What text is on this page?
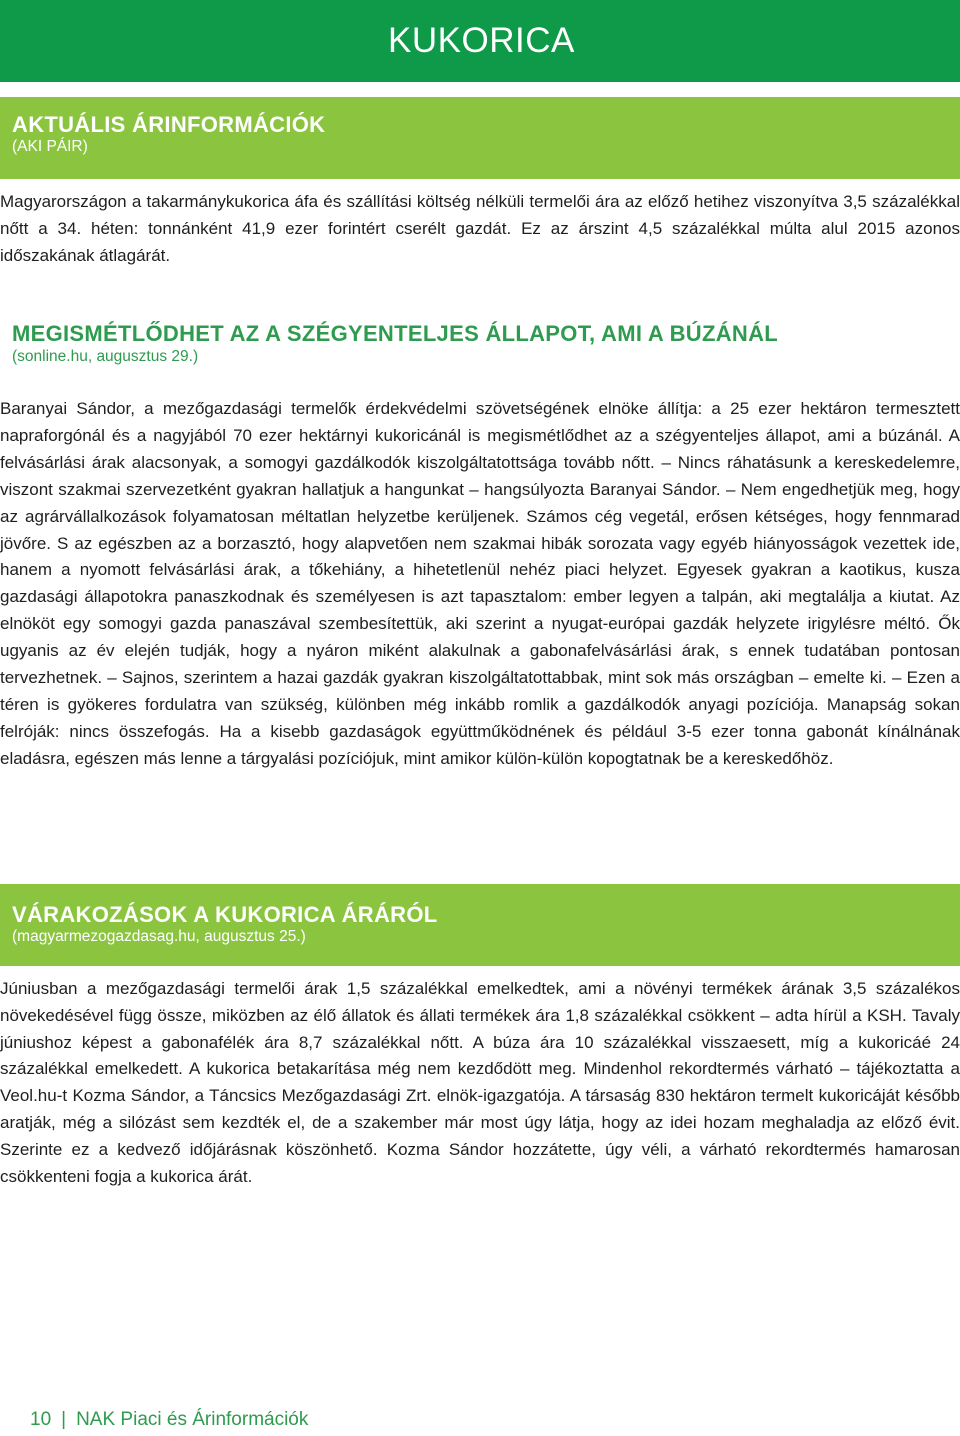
KUKORICA
AKTUÁLIS ÁRINFORMÁCIÓK
(AKI PÁIR)

Magyarországon a takarmánykukorica áfa és szállítási költség nélküli termelői ára az előző hetihez viszonyítva 3,5 százalékkal nőtt a 34. héten: tonnánként 41,9 ezer forintért cserélt gazdát. Ez az árszint 4,5 százalékkal múlta alul 2015 azonos időszakának átlagárát.

MEGISMÉTLŐDHET AZ A SZÉGYENTELJES ÁLLAPOT, AMI A BÚZÁNÁL
(sonline.hu, augusztus 29.)

Baranyai Sándor, a mezőgazdasági termelők érdekvédelmi szövetségének elnöke állítja: a 25 ezer hektáron termesztett napraforgónál és a nagyjából 70 ezer hektárnyi kukoricánál is megismétlődhet az a szégyenteljes állapot, ami a búzánál. A felvásárlási árak alacsonyak, a somogyi gazdálkodók kiszolgáltatottsága tovább nőtt. – Nincs ráhatásunk a kereskedelemre, viszont szakmai szervezetként gyakran hallatjuk a hangunkat – hangsúlyozta Baranyai Sándor. – Nem engedhetjük meg, hogy az agrárvállalkozások folyamatosan méltatlan helyzetbe kerüljenek. Számos cég vegetál, erősen kétséges, hogy fennmarad jövőre. S az egészben az a borzasztó, hogy alapvetően nem szakmai hibák sorozata vagy egyéb hiányosságok vezettek ide, hanem a nyomott felvásárlási árak, a tőkehiány, a hihetetlenül nehéz piaci helyzet. Egyesek gyakran a kaotikus, kusza gazdasági állapotokra panaszkodnak és személyesen is azt tapasztalom: ember legyen a talpán, aki megtalálja a kiutat. Az elnököt egy somogyi gazda panaszával szembesítettük, aki szerint a nyugat-európai gazdák helyzete irigylésre méltó. Ők ugyanis az év elején tudják, hogy a nyáron miként alakulnak a gabonafelvásárlási árak, s ennek tudatában pontosan tervezhetnek. – Sajnos, szerintem a hazai gazdák gyakran kiszolgáltatottabbak, mint sok más országban – emelte ki. – Ezen a téren is gyökeres fordulatra van szükség, különben még inkább romlik a gazdálkodók anyagi pozíciója. Manapság sokan felróják: nincs összefogás. Ha a kisebb gazdaságok együttműködnének és például 3-5 ezer tonna gabonát kínálnának eladásra, egészen más lenne a tárgyalási pozíciójuk, mint amikor külön-külön kopogtatnak be a kereskedőhöz.

VÁRAKOZÁSOK A KUKORICA ÁRÁRÓL
(magyarmezogazdasag.hu, augusztus 25.)

Júniusban a mezőgazdasági termelői árak 1,5 százalékkal emelkedtek, ami a növényi termékek árának 3,5 százalékos növekedésével függ össze, miközben az élő állatok és állati termékek ára 1,8 százalékkal csökkent – adta hírül a KSH. Tavaly júniushoz képest a gabonafélék ára 8,7 százalékkal nőtt. A búza ára 10 százalékkal visszaesett, míg a kukoricáé 24 százalékkal emelkedett. A kukorica betakarítása még nem kezdődött meg. Mindenhol rekordtermés várható – tájékoztatta a Veol.hu-t Kozma Sándor, a Táncsics Mezőgazdasági Zrt. elnök-igazgatója. A társaság 830 hektáron termelt kukoricáját később aratják, még a silózást sem kezdték el, de a szakember már most úgy látja, hogy az idei hozam meghaladja az előző évit. Szerinte ez a kedvező időjárásnak köszönhető. Kozma Sándor hozzátette, úgy véli, a várható rekordtermés hamarosan csökkenteni fogja a kukorica árát.

10 | NAK Piaci és Árinformációk
